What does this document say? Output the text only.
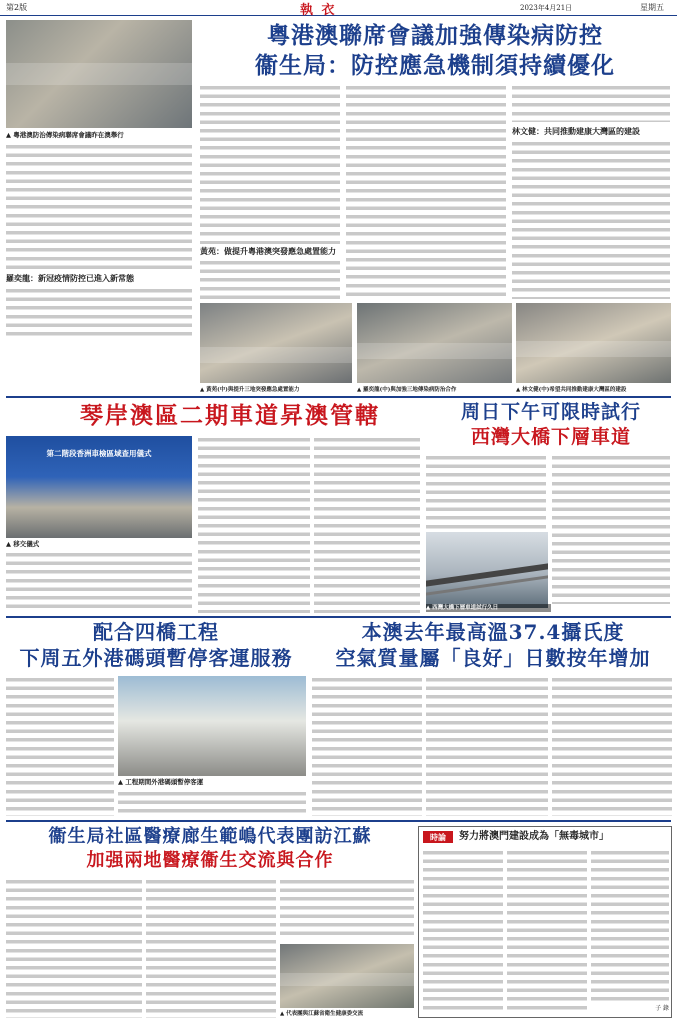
第2版	執 衣	2023年4月21日	星期五
粵港澳聯席會議加強傳染病防控
衞生局：防控應急機制須持續優化
▲ 粵港澳防治傳染病聯席會議昨在澳舉行
羅奕龍：新冠疫情防控已進入新常態
黃苑：做提升粵港澳突發應急處置能力
林文健：共同推動建康大灣區的建設
▲ 黃苑(中)與提升三地突發應急處置能力	▲ 羅奕龍(中)與加強三地傳染病防治合作	▲ 林文健(中)希望共同推動建康大灣區的建設
琴岸澳區二期車道昇澳管轄
第二階段香洲車檢區域查用儀式
▲ 移交儀式
周日下午可限時試行
西灣大橋下層車道
▲ 西灣大橋下層車道試行久日
配合四橋工程
下周五外港碼頭暫停客運服務
▲ 工程期間外港碼頭暫停客運
本澳去年最高溫37.4攝氏度
空氣質量屬「良好」日數按年增加
衞生局社區醫療廊生範嶋代表團訪江蘇
加强兩地醫療衞生交流與合作
▲ 代表團與江蘇省衛生健康委交流
時論	努力將澳門建設成為「無毒城市」
子 錄
